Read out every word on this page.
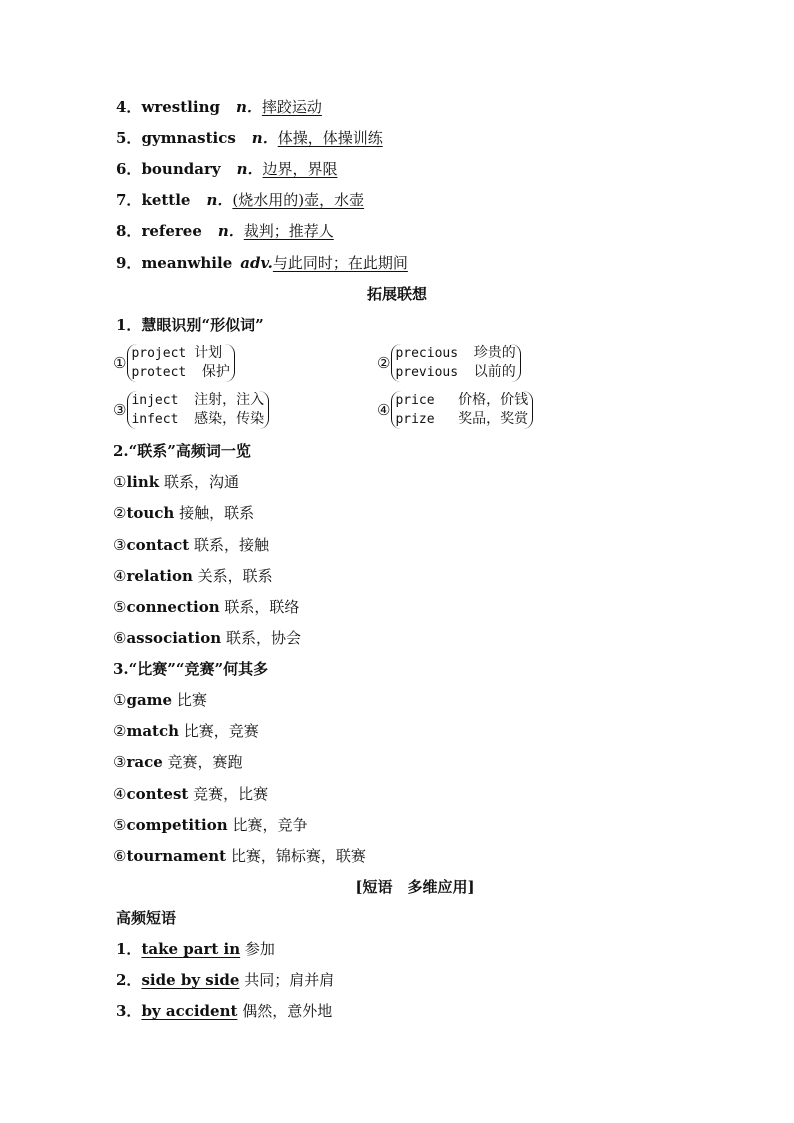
4．wrestling n．摔跤运动
5．gymnastics n．体操，体操训练
6．boundary n．边界，界限
7．kettle n．(烧水用的)壶，水壶
8．referee n．裁判；推荐人
9．meanwhile adv.与此同时；在此期间
拓展联想
1．慧眼识别“形似词”
①
project 计划
protect 保护	②
precious 珍贵的
previous 以前的
③
inject 注射，注入
infect 感染，传染	④
price 价格，价钱
prize 奖品，奖赏
2.“联系”高频词一览
①link 联系，沟通
②touch 接触，联系
③contact 联系，接触
④relation 关系，联系
⑤connection 联系，联络
⑥association 联系，协会
3.“比赛”“竞赛”何其多
①game 比赛
②match 比赛，竞赛
③race 竞赛，赛跑
④contest 竞赛，比赛
⑤competition 比赛，竞争
⑥tournament 比赛，锦标赛，联赛
[短语　多维应用]
高频短语
1．take part in 参加
2．side by side 共同；肩并肩
3．by accident 偶然，意外地
